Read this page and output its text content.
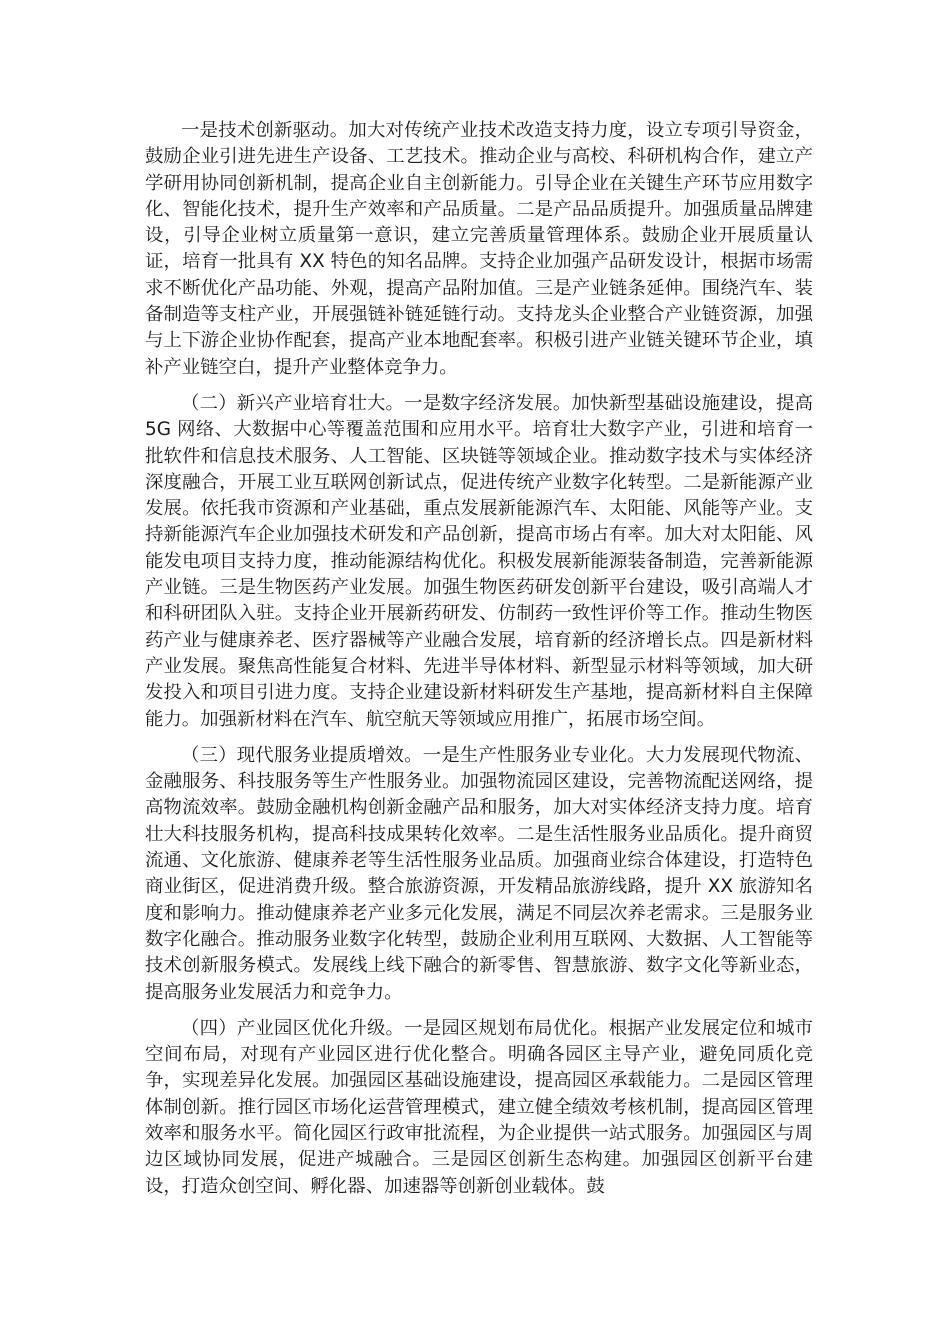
一是技术创新驱动。加大对传统产业技术改造支持力度，设立专项引导资金，鼓励企业引进先进生产设备、工艺技术。推动企业与高校、科研机构合作，建立产学研用协同创新机制，提高企业自主创新能力。引导企业在关键生产环节应用数字化、智能化技术，提升生产效率和产品质量。二是产品品质提升。加强质量品牌建设，引导企业树立质量第一意识，建立完善质量管理体系。鼓励企业开展质量认证，培育一批具有 XX 特色的知名品牌。支持企业加强产品研发设计，根据市场需求不断优化产品功能、外观，提高产品附加值。三是产业链条延伸。围绕汽车、装备制造等支柱产业，开展强链补链延链行动。支持龙头企业整合产业链资源，加强与上下游企业协作配套，提高产业本地配套率。积极引进产业链关键环节企业，填补产业链空白，提升产业整体竞争力。

（二）新兴产业培育壮大。一是数字经济发展。加快新型基础设施建设，提高 5G 网络、大数据中心等覆盖范围和应用水平。培育壮大数字产业，引进和培育一批软件和信息技术服务、人工智能、区块链等领域企业。推动数字技术与实体经济深度融合，开展工业互联网创新试点，促进传统产业数字化转型。二是新能源产业发展。依托我市资源和产业基础，重点发展新能源汽车、太阳能、风能等产业。支持新能源汽车企业加强技术研发和产品创新，提高市场占有率。加大对太阳能、风能发电项目支持力度，推动能源结构优化。积极发展新能源装备制造，完善新能源产业链。三是生物医药产业发展。加强生物医药研发创新平台建设，吸引高端人才和科研团队入驻。支持企业开展新药研发、仿制药一致性评价等工作。推动生物医药产业与健康养老、医疗器械等产业融合发展，培育新的经济增长点。四是新材料产业发展。聚焦高性能复合材料、先进半导体材料、新型显示材料等领域，加大研发投入和项目引进力度。支持企业建设新材料研发生产基地，提高新材料自主保障能力。加强新材料在汽车、航空航天等领域应用推广，拓展市场空间。

（三）现代服务业提质增效。一是生产性服务业专业化。大力发展现代物流、金融服务、科技服务等生产性服务业。加强物流园区建设，完善物流配送网络，提高物流效率。鼓励金融机构创新金融产品和服务，加大对实体经济支持力度。培育壮大科技服务机构，提高科技成果转化效率。二是生活性服务业品质化。提升商贸流通、文化旅游、健康养老等生活性服务业品质。加强商业综合体建设，打造特色商业街区，促进消费升级。整合旅游资源，开发精品旅游线路，提升 XX 旅游知名度和影响力。推动健康养老产业多元化发展，满足不同层次养老需求。三是服务业数字化融合。推动服务业数字化转型，鼓励企业利用互联网、大数据、人工智能等技术创新服务模式。发展线上线下融合的新零售、智慧旅游、数字文化等新业态，提高服务业发展活力和竞争力。

（四）产业园区优化升级。一是园区规划布局优化。根据产业发展定位和城市空间布局，对现有产业园区进行优化整合。明确各园区主导产业，避免同质化竞争，实现差异化发展。加强园区基础设施建设，提高园区承载能力。二是园区管理体制创新。推行园区市场化运营管理模式，建立健全绩效考核机制，提高园区管理效率和服务水平。简化园区行政审批流程，为企业提供一站式服务。加强园区与周边区域协同发展，促进产城融合。三是园区创新生态构建。加强园区创新平台建设，打造众创空间、孵化器、加速器等创新创业载体。鼓
